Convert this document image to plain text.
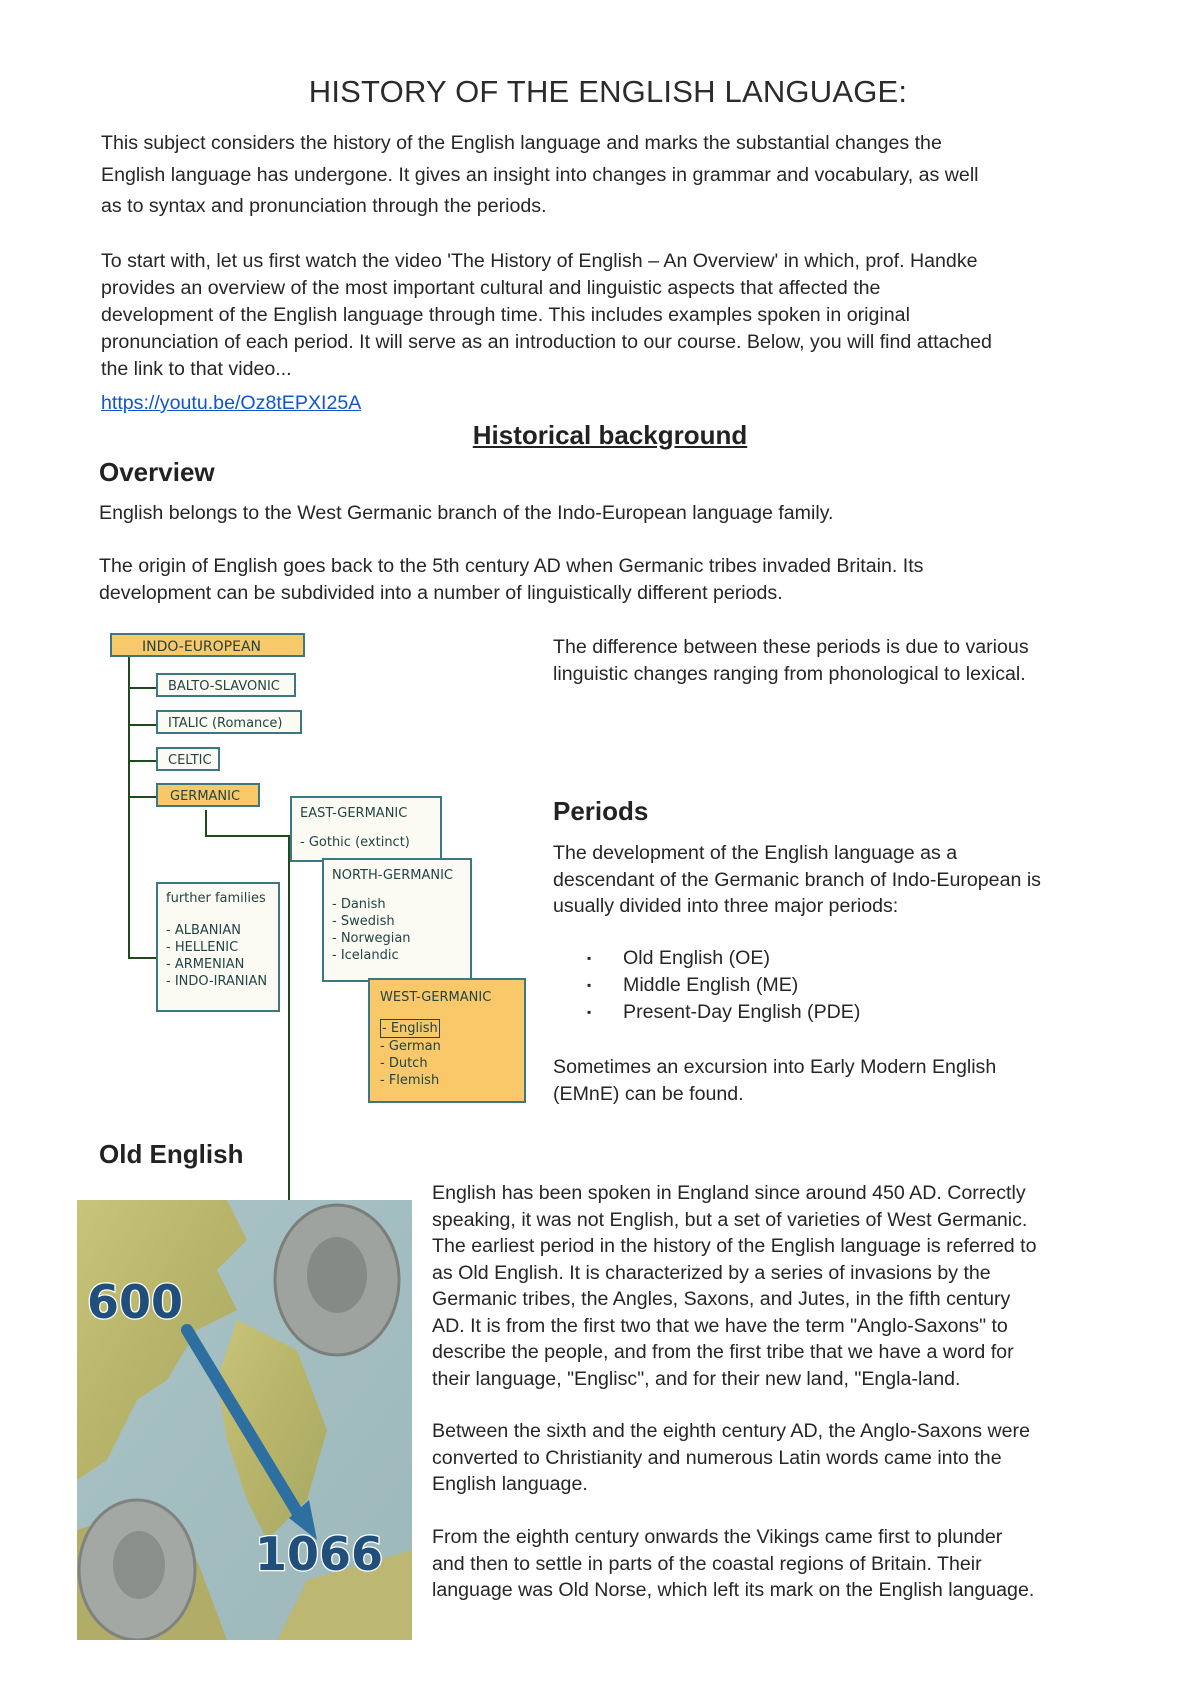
HISTORY OF THE ENGLISH LANGUAGE:
This subject considers the history of the English language and marks the substantial changes the
English language has undergone. It gives an insight into changes in grammar and vocabulary, as well
as to syntax and pronunciation through the periods.
To start with, let us first watch the video 'The History of English – An Overview' in which, prof. Handke
provides an overview of the most important cultural and linguistic aspects that affected the
development of the English language through time. This includes examples spoken in original
pronunciation of each period. It will serve as an introduction to our course. Below, you will find attached
the link to that video...
https://youtu.be/Oz8tEPXI25A
Historical background
Overview
English belongs to the West Germanic branch of the Indo-European language family.
The origin of English goes back to the 5th century AD when Germanic tribes invaded Britain. Its
development can be subdivided into a number of linguistically different periods.
INDO-EUROPEAN
BALTO-SLAVONIC
ITALIC (Romance)
CELTIC
GERMANIC
further families
- ALBANIAN
- HELLENIC
- ARMENIAN
- INDO-IRANIAN
EAST-GERMANIC
- Gothic (extinct)
NORTH-GERMANIC
- Danish
- Swedish
- Norwegian
- Icelandic
WEST-GERMANIC
- English
- German
- Dutch
- Flemish
The difference between these periods is due to various
linguistic changes ranging from phonological to lexical.
Periods
The development of the English language as a
descendant of the Germanic branch of Indo-European is
usually divided into three major periods:
▪ Old English (OE)
▪ Middle English (ME)
▪ Present-Day English (PDE)
Sometimes an excursion into Early Modern English
(EMnE) can be found.
Old English
600
1066
English has been spoken in England since around 450 AD. Correctly
speaking, it was not English, but a set of varieties of West Germanic.
The earliest period in the history of the English language is referred to
as Old English. It is characterized by a series of invasions by the
Germanic tribes, the Angles, Saxons, and Jutes, in the fifth century
AD. It is from the first two that we have the term "Anglo-Saxons" to
describe the people, and from the first tribe that we have a word for
their language, "Englisc", and for their new land, "Engla-land.
Between the sixth and the eighth century AD, the Anglo-Saxons were
converted to Christianity and numerous Latin words came into the
English language.
From the eighth century onwards the Vikings came first to plunder
and then to settle in parts of the coastal regions of Britain. Their
language was Old Norse, which left its mark on the English language.
